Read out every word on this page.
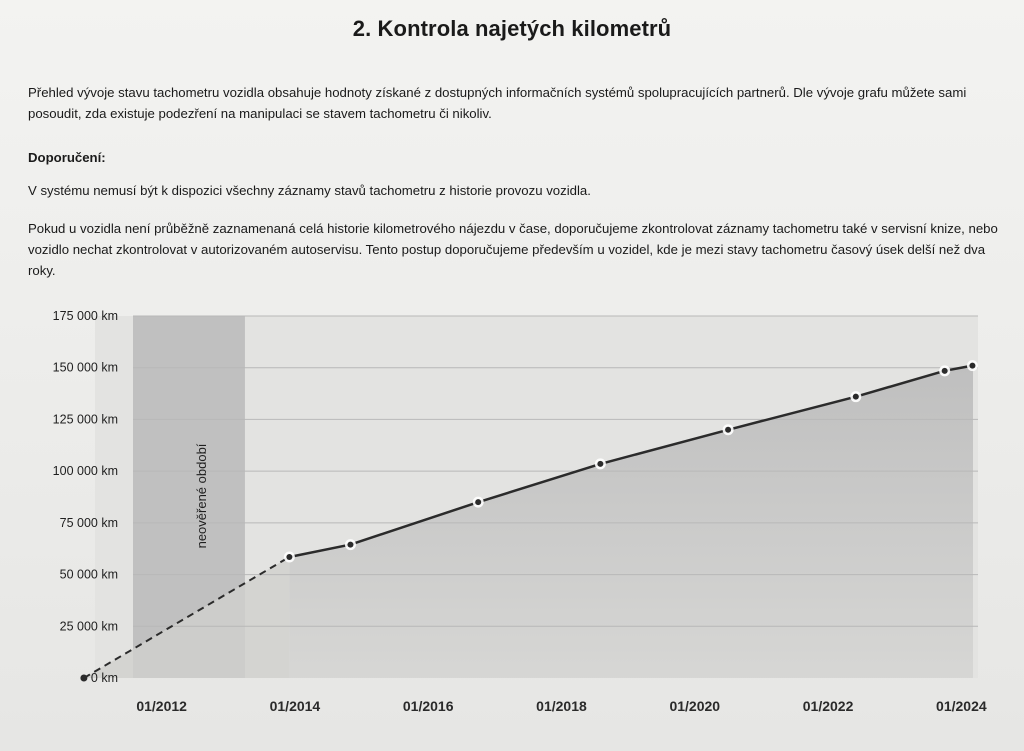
2. Kontrola najetých kilometrů

Přehled vývoje stavu tachometru vozidla obsahuje hodnoty získané z dostupných informačních systémů spolupracujících partnerů. Dle vývoje grafu můžete sami posoudit, zda existuje podezření na manipulaci se stavem tachometru či nikoliv.

Doporučení:

V systému nemusí být k dispozici všechny záznamy stavů tachometru z historie provozu vozidla.

Pokud u vozidla není průběžně zaznamenaná celá historie kilometrového nájezdu v čase, doporučujeme zkontrolovat záznamy tachometru také v servisní knize, nebo vozidlo nechat zkontrolovat v autorizovaném autoservisu. Tento postup doporučujeme především u vozidel, kde je mezi stavy tachometru časový úsek delší než dva roky.

0 km
25 000 km
50 000 km
75 000 km
100 000 km
125 000 km
150 000 km
175 000 km
01/2012	01/2014	01/2016	01/2018	01/2020	01/2022	01/2024
neověřené období
